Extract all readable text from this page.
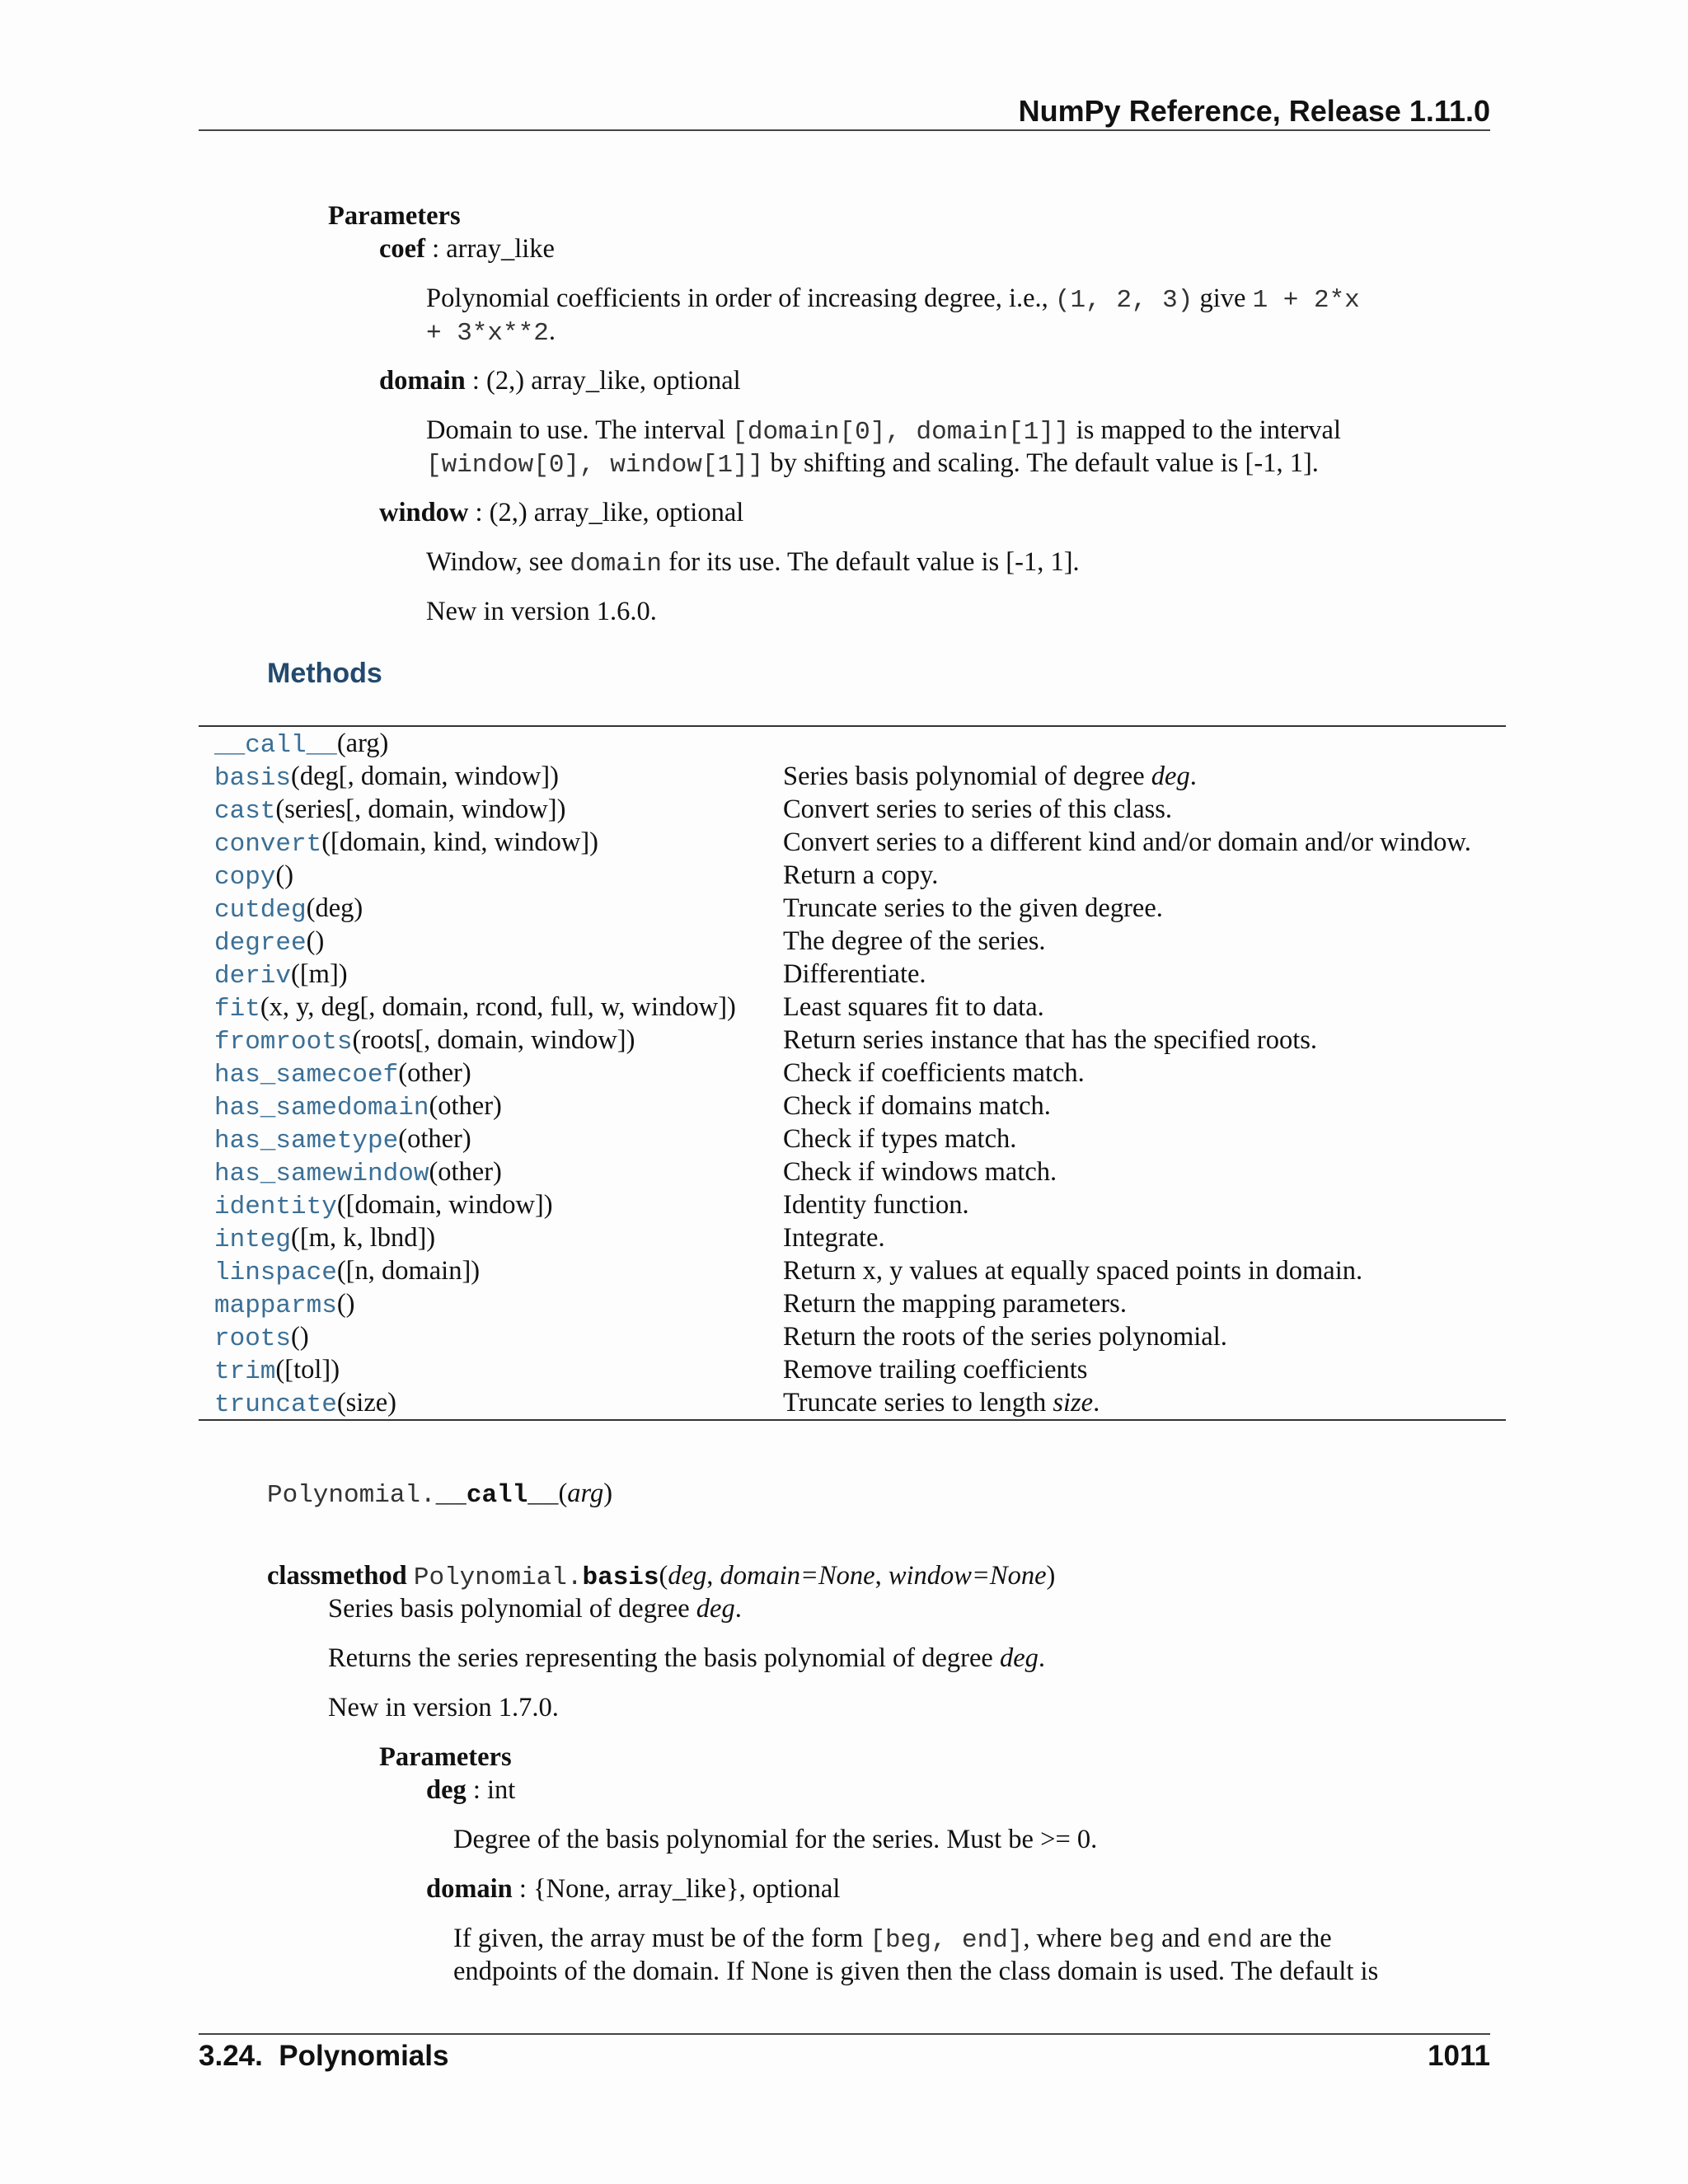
NumPy Reference, Release 1.11.0
Parameters
coef : array_like
Polynomial coefficients in order of increasing degree, i.e., (1, 2, 3) give 1 + 2*x
+ 3*x**2.
domain : (2,) array_like, optional
Domain to use. The interval [domain[0], domain[1]] is mapped to the interval
[window[0], window[1]] by shifting and scaling. The default value is [-1, 1].
window : (2,) array_like, optional
Window, see domain for its use. The default value is [-1, 1].
New in version 1.6.0.
Methods
__call__(arg)
basis(deg[, domain, window])	Series basis polynomial of degree deg.
cast(series[, domain, window])	Convert series to series of this class.
convert([domain, kind, window])	Convert series to a different kind and/or domain and/or window.
copy()	Return a copy.
cutdeg(deg)	Truncate series to the given degree.
degree()	The degree of the series.
deriv([m])	Differentiate.
fit(x, y, deg[, domain, rcond, full, w, window])	Least squares fit to data.
fromroots(roots[, domain, window])	Return series instance that has the specified roots.
has_samecoef(other)	Check if coefficients match.
has_samedomain(other)	Check if domains match.
has_sametype(other)	Check if types match.
has_samewindow(other)	Check if windows match.
identity([domain, window])	Identity function.
integ([m, k, lbnd])	Integrate.
linspace([n, domain])	Return x, y values at equally spaced points in domain.
mapparms()	Return the mapping parameters.
roots()	Return the roots of the series polynomial.
trim([tol])	Remove trailing coefficients
truncate(size)	Truncate series to length size.
Polynomial.__call__(arg)
classmethod Polynomial.basis(deg, domain=None, window=None)
Series basis polynomial of degree deg.
Returns the series representing the basis polynomial of degree deg.
New in version 1.7.0.
Parameters
deg : int
Degree of the basis polynomial for the series. Must be >= 0.
domain : {None, array_like}, optional
If given, the array must be of the form [beg, end], where beg and end are the
endpoints of the domain. If None is given then the class domain is used. The default is
3.24.  Polynomials	1011
